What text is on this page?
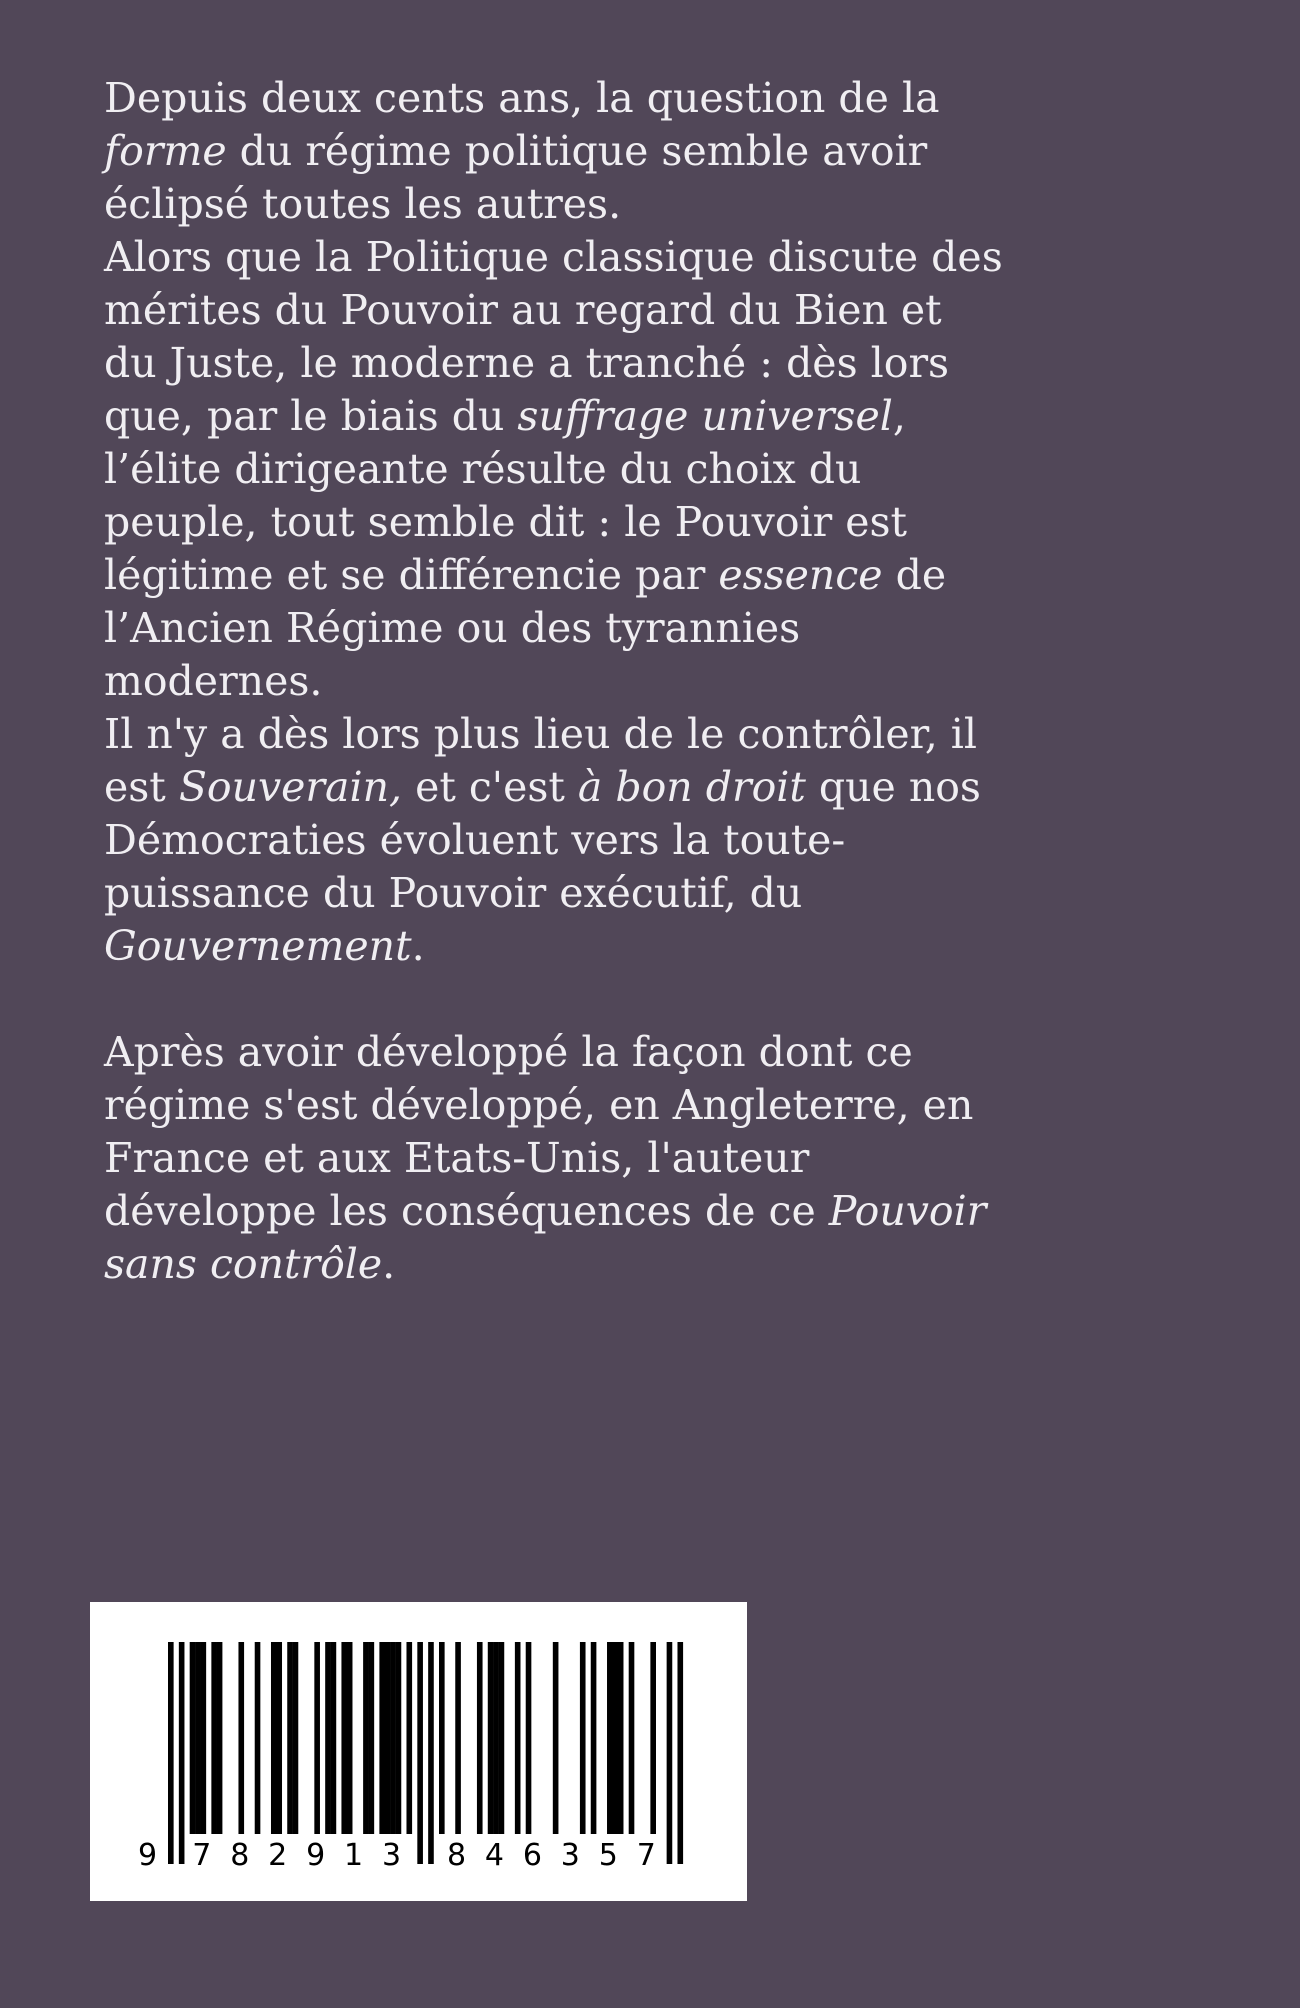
Depuis deux cents ans, la question de la forme du régime politique semble avoir éclipsé toutes les autres.

Alors que la Politique classique discute des mérites du Pouvoir au regard du Bien et du Juste, le moderne a tranché : dès lors que, par le biais du suffrage universel, l’élite dirigeante résulte du choix du peuple, tout semble dit : le Pouvoir est légitime et se différencie par essence de l’Ancien Régime ou des tyrannies modernes.

Il n'y a dès lors plus lieu de le contrôler, il est Souverain, et c'est à bon droit que nos Démocraties évoluent vers la toute-puissance du Pouvoir exécutif, du Gouvernement.

Après avoir développé la façon dont ce régime s'est développé, en Angleterre, en France et aux Etats-Unis, l'auteur développe les conséquences de ce Pouvoir sans contrôle.

9 7 8 2 9 1 3 8 4 6 3 5 7
